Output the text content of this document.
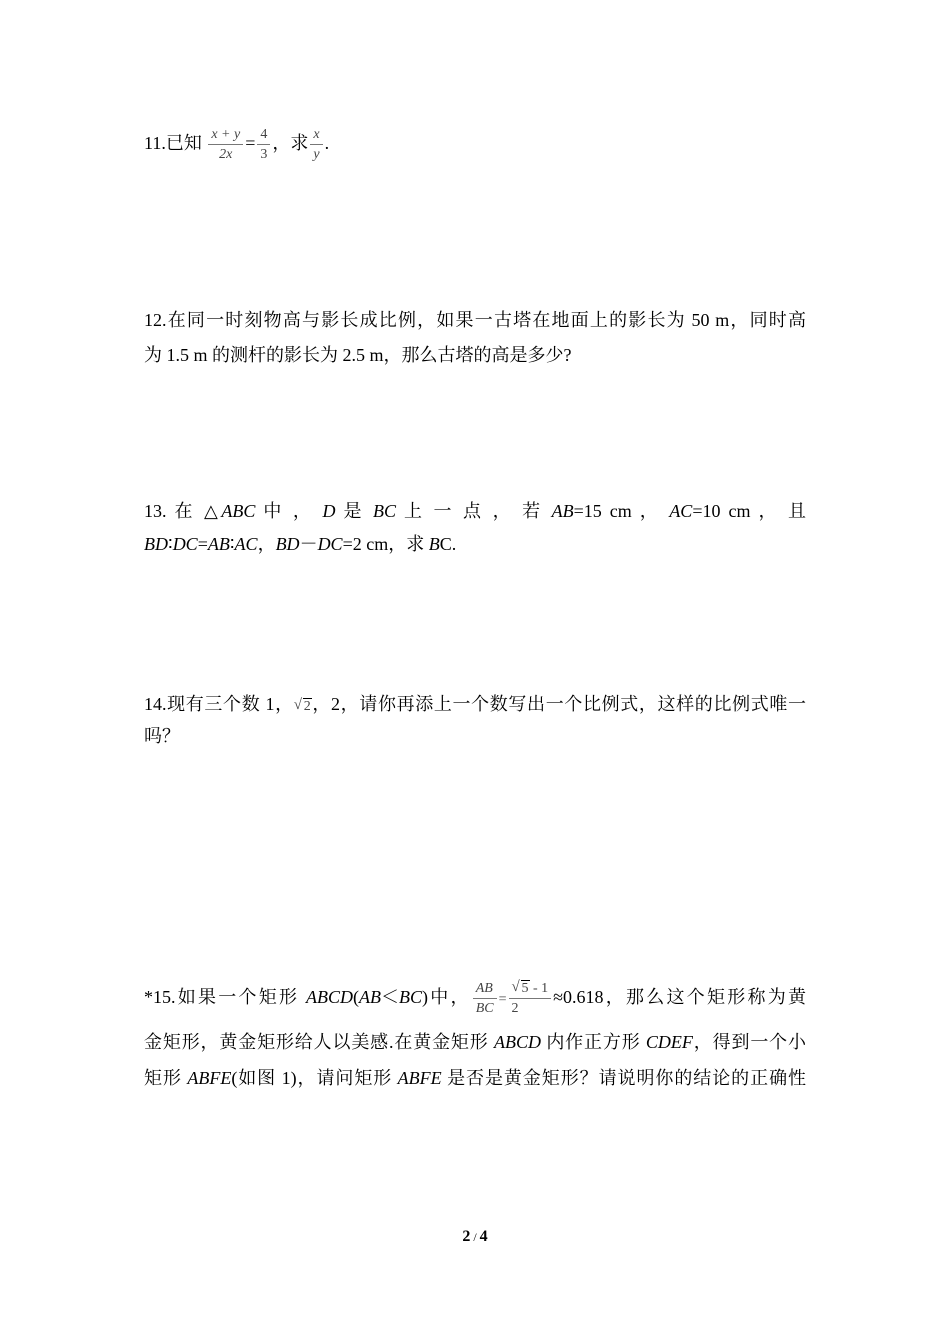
11.已知 $\frac{x + y}{2x} = \frac{4}{3}$ ，求 $\frac{x}{y}$ .
12.在同一时刻物高与影长成比例，如果一古塔在地面上的影长为 50 m，同时高
为 1.5 m 的测杆的影长为 2.5 m，那么古塔的高是多少?
13. 在 △ABC 中 ， D 是 BC 上 一 点 ， 若 AB=15 cm ， AC=10 cm ， 且
BD∶DC=AB∶AC，BD－DC=2 cm，求 BC.
14.现有三个数 1， √ 2，2，请你再添上一个数写出一个比例式，这样的比例式唯一
吗？
*15.如果一个矩形 ABCD(AB＜BC)中， $\frac{AB}{BC} = \frac{√ 5 - 1}{2} \approx 0.618$，那么这个矩形称为黄
金矩形，黄金矩形给人以美感.在黄金矩形 ABCD 内作正方形 CDEF，得到一个小
矩形 ABFE(如图 1)，请问矩形 ABFE 是否是黄金矩形？请说明你的结论的正确性
2 / 4
